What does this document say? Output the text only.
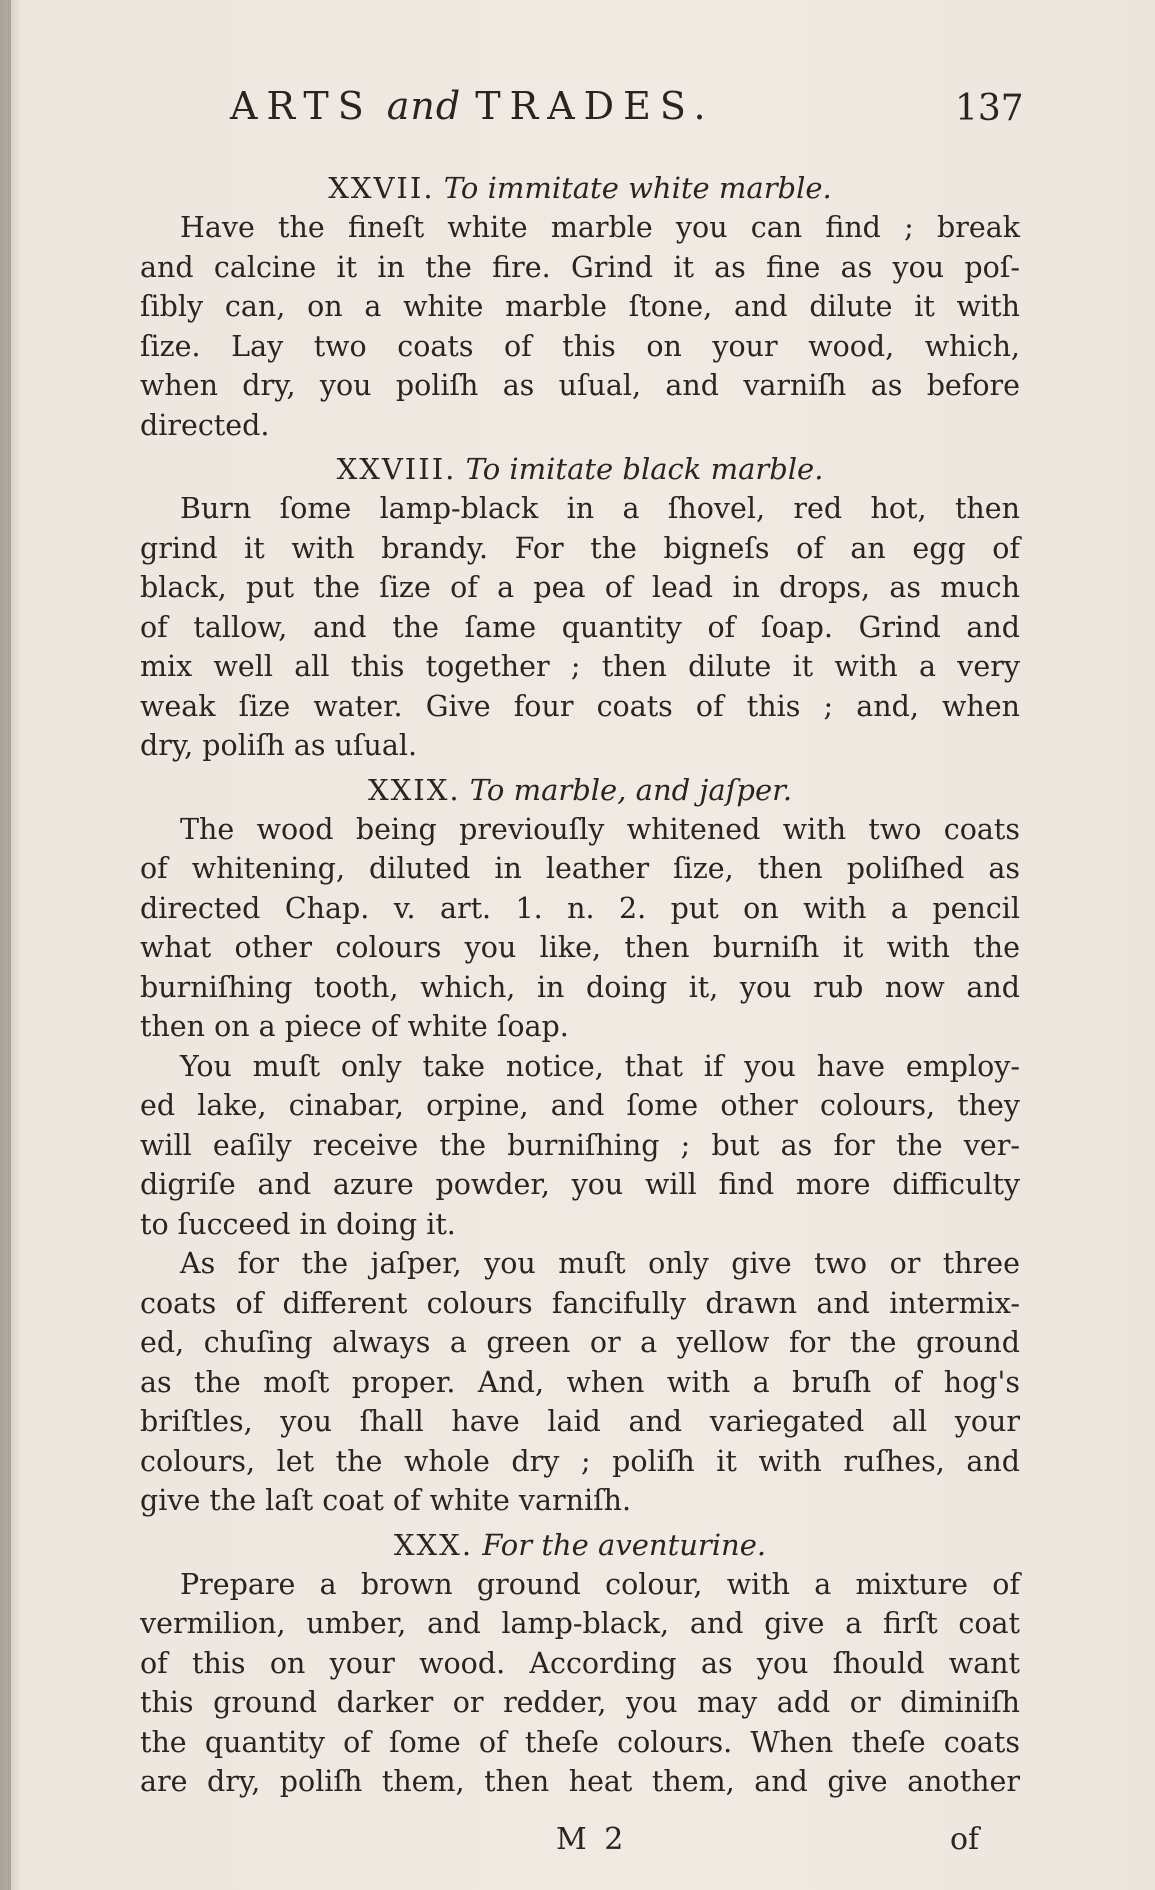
ARTS and TRADES.	137
XXVII. To immitate white marble.
Have the fineſt white marble you can find ; break
and calcine it in the fire. Grind it as fine as you poſ-
ſibly can, on a white marble ſtone, and dilute it with
ſize. Lay two coats of this on your wood, which,
when dry, you poliſh as uſual, and varniſh as before
directed.
XXVIII. To imitate black marble.
Burn ſome lamp-black in a ſhovel, red hot, then
grind it with brandy. For the bigneſs of an egg of
black, put the ſize of a pea of lead in drops, as much
of tallow, and the ſame quantity of ſoap. Grind and
mix well all this together ; then dilute it with a very
weak ſize water. Give four coats of this ; and, when
dry, poliſh as uſual.
XXIX. To marble, and jaſper.
The wood being previouſly whitened with two coats
of whitening, diluted in leather ſize, then poliſhed as
directed Chap. v. art. 1. n. 2. put on with a pencil
what other colours you like, then burniſh it with the
burniſhing tooth, which, in doing it, you rub now and
then on a piece of white ſoap.
You muſt only take notice, that if you have employ-
ed lake, cinabar, orpine, and ſome other colours, they
will eaſily receive the burniſhing ; but as for the ver-
digriſe and azure powder, you will find more difficulty
to ſucceed in doing it.
As for the jaſper, you muſt only give two or three
coats of different colours fancifully drawn and intermix-
ed, chuſing always a green or a yellow for the ground
as the moſt proper. And, when with a bruſh of hog's
briſtles, you ſhall have laid and variegated all your
colours, let the whole dry ; poliſh it with ruſhes, and
give the laſt coat of white varniſh.
XXX. For the aventurine.
Prepare a brown ground colour, with a mixture of
vermilion, umber, and lamp-black, and give a firſt coat
of this on your wood. According as you ſhould want
this ground darker or redder, you may add or diminiſh
the quantity of ſome of theſe colours. When theſe coats
are dry, poliſh them, then heat them, and give another
M 2	of
